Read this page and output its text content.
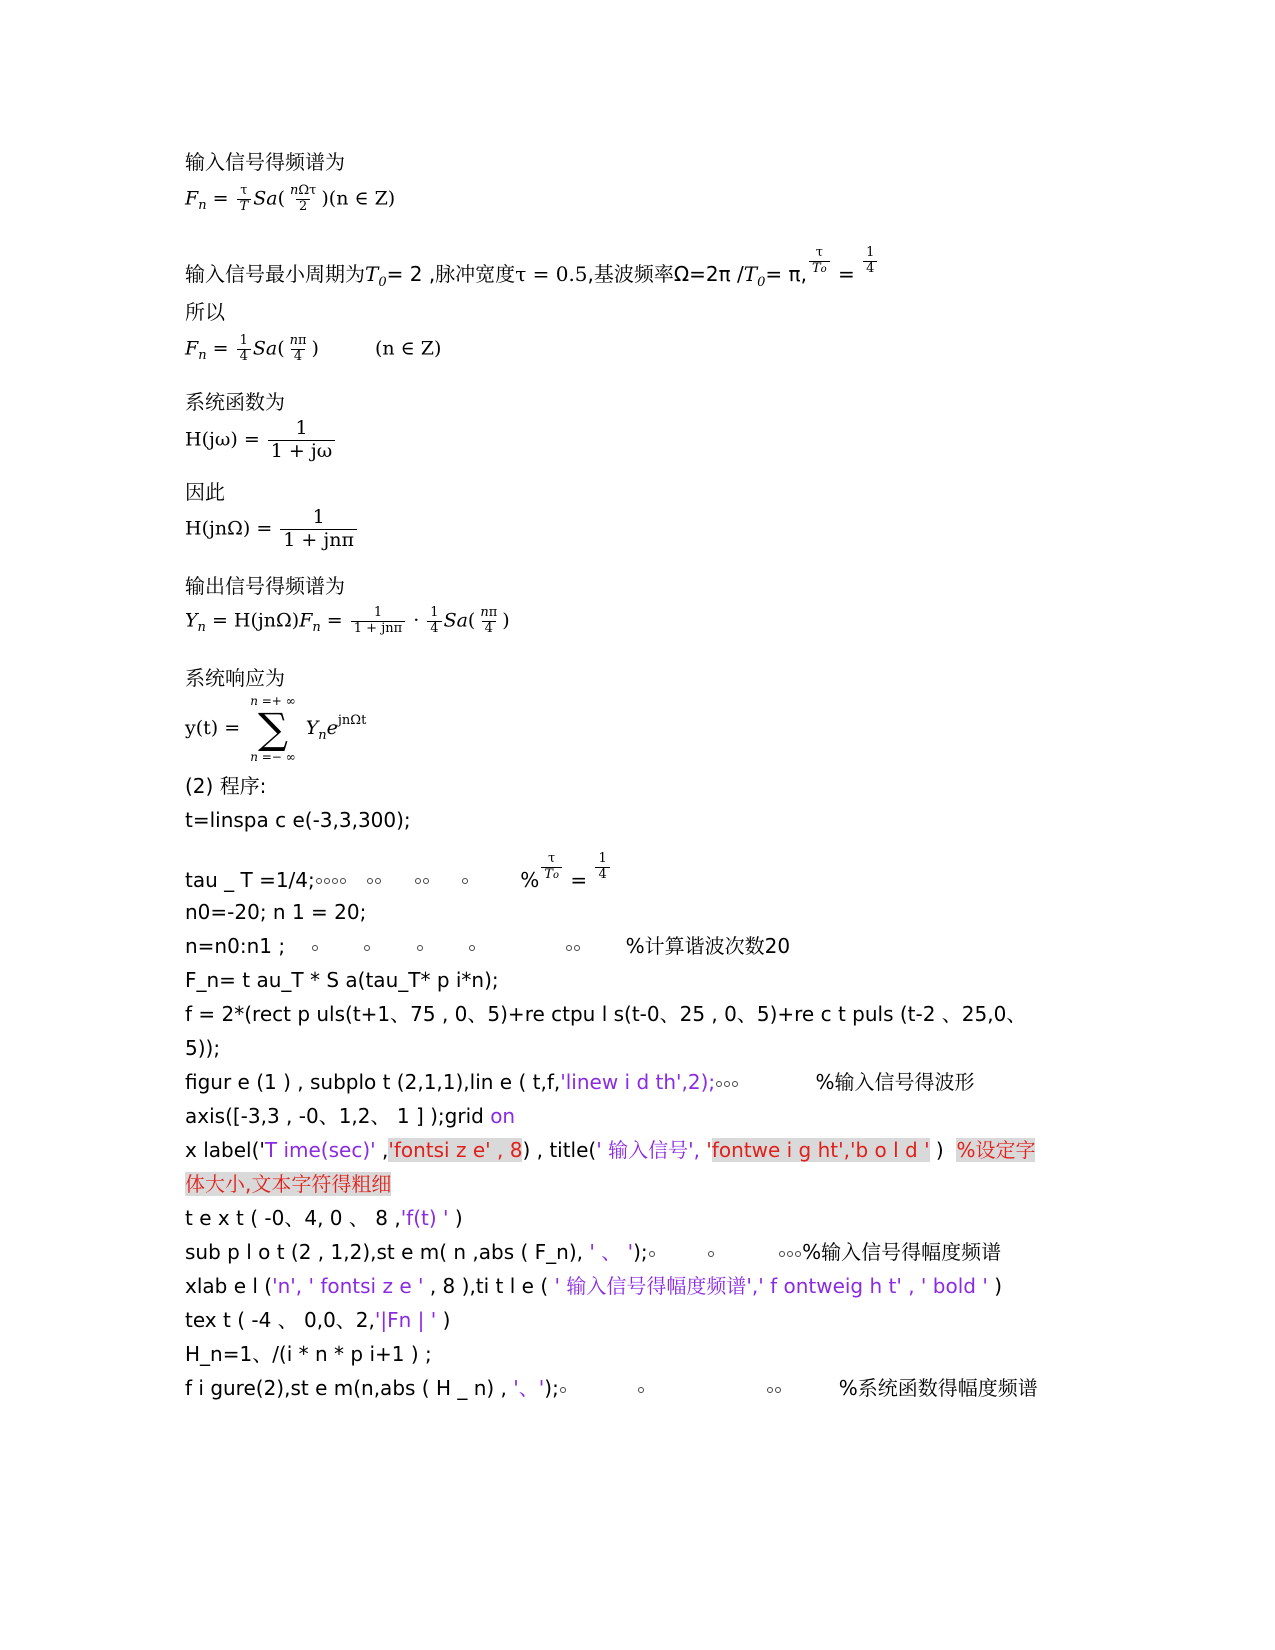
输入信号得频谱为
$F_n = \frac{\tau}{T} Sa( \frac{\text{nΩτ}}{2} )(n$ ∈ Z)
输入信号最小周期为$T_0= 2$ ,脉冲宽度τ = 0.5,基波频率Ω=2π $/T_0= \pi$, $\frac{\tau}{To} = \frac{1}{4}$
所以
$F_n = \frac{1}{4} Sa( \frac{n\pi}{4}$ )	(n ∈ Z)
系统函数为
$H(j\omega) = \frac{1}{1 + j\omega}$
因此
$H(jn\Omega) = \frac{1}{\text{1 + jnπ}}$
输出信号得频谱为
$Y_n = H(jn\Omega)F_n = \frac{1}{\text{1 + jnπ}} \cdot \frac{1}{4} Sa( \frac{n\pi}{4}$ )
系统响应为
y(t) =
n =+ ∞
∑
n =− ∞
$Y_ne^{jn\Omega t}$
(2) 程序:
t=linspa c e(-3,3,300);
tau _ T =1/4;	% $\frac{\tau}{To} = \frac{1}{4}$
n0=-20; n 1 = 20;
n=n0:n1 ;	%计算谐波次数20
F_n= t au_T * S a(tau_T* p i*n);
f = 2*(rect p uls(t+1、75 , 0、5)+re ctpu l s(t-0、25 , 0、5)+re c t puls (t-2 、25,0、
5));
figur e (1 ) , subplo t (2,1,1),lin e ( t,f,'linew i d th',2);	%输入信号得波形
axis([-3,3 , -0、1,2、 1 ] );grid on
x label('T ime(sec)' ,'fontsi z e' , 8) , title(' 输入信号', 'fontwe i g ht','b o l d ' ) %设定字
体大小,文本字符得粗细
t e x t ( -0、4, 0 、 8 ,'f(t) ' )
sub p l o t (2 , 1,2),st e m( n ,abs ( F_n), ' 、 ');	%输入信号得幅度频谱
xlab e l ('n', ' fontsi z e ' , 8 ),ti t l e ( ' 输入信号得幅度频谱',' f ontweig h t' , ' bold ' )
tex t ( -4 、 0,0、2,'|Fn | ' )
H_n=1、/(i * n * p i+1 ) ;
f i gure(2),st e m(n,abs ( H _ n) , '、');	%系统函数得幅度频谱
